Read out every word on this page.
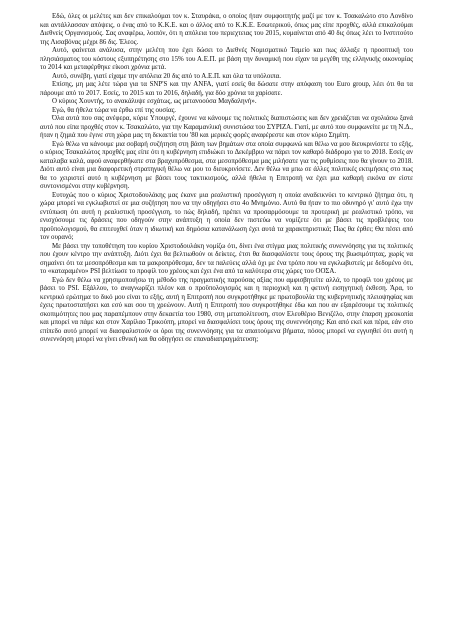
Εδώ, όλες οι μελέτες και δεν επικαλούμαι τον κ. Σταυράκα, ο οποίος ήταν συμφοιτητής μαζί με τον κ. Τσακαλώτο στο Λονδίνο και αντάλλασσαν απόψεις, ο ένας από το Κ.Κ.Ε. και ο άλλος από το Κ.Κ.Ε. Εσωτερικού, όπως μας είπε προχθές, αλλά επικαλούμαι Διεθνείς Οργανισμούς. Σας αναφέρω, λοιπόν, ότι η απόλεια του περιεχτειας του 2015, κυμαίνεται από 40 δις όπως λέει το Ινστιτούτο της Λισαβόνας μέχρι 86 δις. Έλεος.

Αυτό, φαίνεται ανάλυσα, στην μελέτη που έχει δώσει το Διεθνές Νομισματικό Ταμείο και πως άλλαξε η προοπτική του πλησιάσματος του κόστους εξυπηρέτησης στο 15% του Α.Ε.Π. με βάση την δυναμική που είχαν τα μεγέθη της ελληνικής οικονομίας το 2014 και μεταφέρθηκε είκοσι χρόνια μετά.

Αυτό, συνέβη, γιατί είχαμε την απόλεια 20 δις από το Α.Ε.Π. και όλα τα υπόλοιπα.

Επίσης, μη μας λέτε τώρα για τα SNP'S και την ANFA, γιατί εσείς θα δώσατε στην απόφαση του Euro group, λέει ότι θα τα πάρουμε από το 2017. Εσείς, το 2015 και το 2016, δηλαδή, για δύο χρόνια τα χαρίσατε.

Ο κύριος Χουντής, το ανακάλυψε εσχάτως, ως μετανοούσα Μαγδαληνή».

Εγώ, θα ήθελα τώρα να έρθω επί της ουσίας.

Όλα αυτά που σας ανέφερα, κύριε Υπουργέ, έχουνε να κάνουμε τις πολιτικές διαπιστώσεις και δεν χρειάζεται να σχολιάσω ξανά αυτό που είπα προχθές στον κ. Τσακαλώτο, για την Καραμανλική συνιστώσα του ΣΥΡΙΖΑ. Γιατί, με αυτό που συμφωνείτε με τη Ν.Δ., ήταν η ζημιά που έγινε στη χώρα μας τη δεκαετία του '80 και μερικές φορές αναφέρεστε και στον κύριο Σημίτη.

Εγώ θέλω να κάνουμε μια σοβαρή συζήτηση στη βάση των βημάτων στα οποία συμφωνώ και θέλω να μου διευκρινίσετε το εξής, ο κύριος Τσακαλώτος προχθές μας είπε ότι η κυβέρνηση επιδιώκει το Δεκέμβριο να πάρει τον καθαρό διάδρομο για το 2018. Εσείς αν καταλαβα καλά, αφού αναφερθήκατε στα βραχυπρόθεσμα, στα μεσοπρόθεσμα μας μιλήσατε για τις ρυθμίσεις που θα γίνουν το 2018. Διότι αυτό είναι μια διαφορετική στρατηγική θέλω να μου το διευκρινίσετε. Δεν θέλω να μπω σε άλλες πολιτικές εκτιμήσεις στο πως θα το χειριστεί αυτό η κυβέρνηση με βάσει τους τακτικισμούς, αλλά ήθελα η Επιτροπή να έχει μια καθαρή εικόνα αν είστε συντονισμένοι στην κυβέρνηση.

Ευτυχώς που ο κύριος Χριστοδουλάκης μας έκανε μια ρεαλιστική προσέγγιση η οποία αναδεικνύει το κεντρικό ζήτημα ότι, η χώρα μπορεί να εγκλωβιστεί σε μια συζήτηση που να την οδηγήσει στο 4ο Μνημόνιο. Αυτό θα ήταν το πιο οδυνηρό γι' αυτό έχω την εντύπωση ότι αυτή η ρεαλιστική προσέγγιση, το πώς δηλαδή, πρέπει να προσαρμόσουμε τα προτερική με ρεαλιστικό τρόπο, να ενισχύσουμε τις δράσεις που οδηγούν στην ανάπτυξη η οποία δεν πιστεύω να νομίζετε ότι με βάσει τις προβλέψεις του προϋπολογισμού, θα επιτευχθεί όταν η ιδιωτική και δημόσια κατανάλωση έχει αυτά τα χαρακτηριστικά; Πως θα έρθει; Θα πέσει από τον ουρανό;

Με βάσει την τοποθέτηση του κυρίου Χριστοδουλάκη νομίζω ότι, δίνει ένα στίγμα μιας πολιτικής συνεννόησης για τις πολιτικές που έχουν κέντρο την ανάπτυξη. Διότι έχει θα βελτιωθούν οι δείκτες, έτσι θα διασφαλίσετε τους όρους της βιωσιμότητας, χωρίς να σημαίνει ότι τα μεσοπρόθεσμα και τα μακροπρόθεσμα, δεν τα παλεύεις αλλά όχι με ένα τρόπο που να εγκλωβιστείς με δεδομένο ότι, το «καταραμένο» PSI βελτίωσε το προφίλ του χρέους και έχει ένα από τα καλύτερα στις χώρες του ΟΟΣΑ.

Εγώ δεν θέλω να χρησιμοποιήσω τη μέθοδο της πραγματικής παρούσας αξίας που αμφισβητείτε αλλά, το προφίλ του χρέους με βάσει το PSI. Εξάλλου, το αναγνωρίζει πλέον και ο προϋπολογισμός και η περιοχική και η φετινή εισηγητική έκθεση. Άρα, το κεντρικό ερώτημα το δικό μου είναι το εξής, αυτή η Επιτροπή που συγκροτήθηκε με πρωτοβουλία της κυβερνητικής πλειοψηφίας και έχεις πρωτοστατήσει και εσύ και σου τη χρεώνουν. Αυτή η Επιτροπή που συγκροτήθηκε έδω και που αν εξαιρέσουμε τις πολιτικές σκοπιμότητες που μας παραπέμπουν στην δεκαετία του 1980, στη μεταπολίτευση, στον Ελευθέριο Βενιζέλο, στην έπαρση χρεοκοπία και μπορεί να πάμε και στον Χαρίλαο Τρικούπη, μπορεί να διασφαλίσει τους όρους της συνεννόησης; Και από εκεί και πέρα, εάν στο επίπεδο αυτό μπορεί να διασφαλιστούν οι όροι της συνεννόησης για τα απαιτούμενα βήματα, πόσος μπορεί να εγγυηθεί ότι αυτή η συνεννόηση μπορεί να γίνει εθνική και θα οδηγήσει σε επαναδιαπραγμάτευση;
